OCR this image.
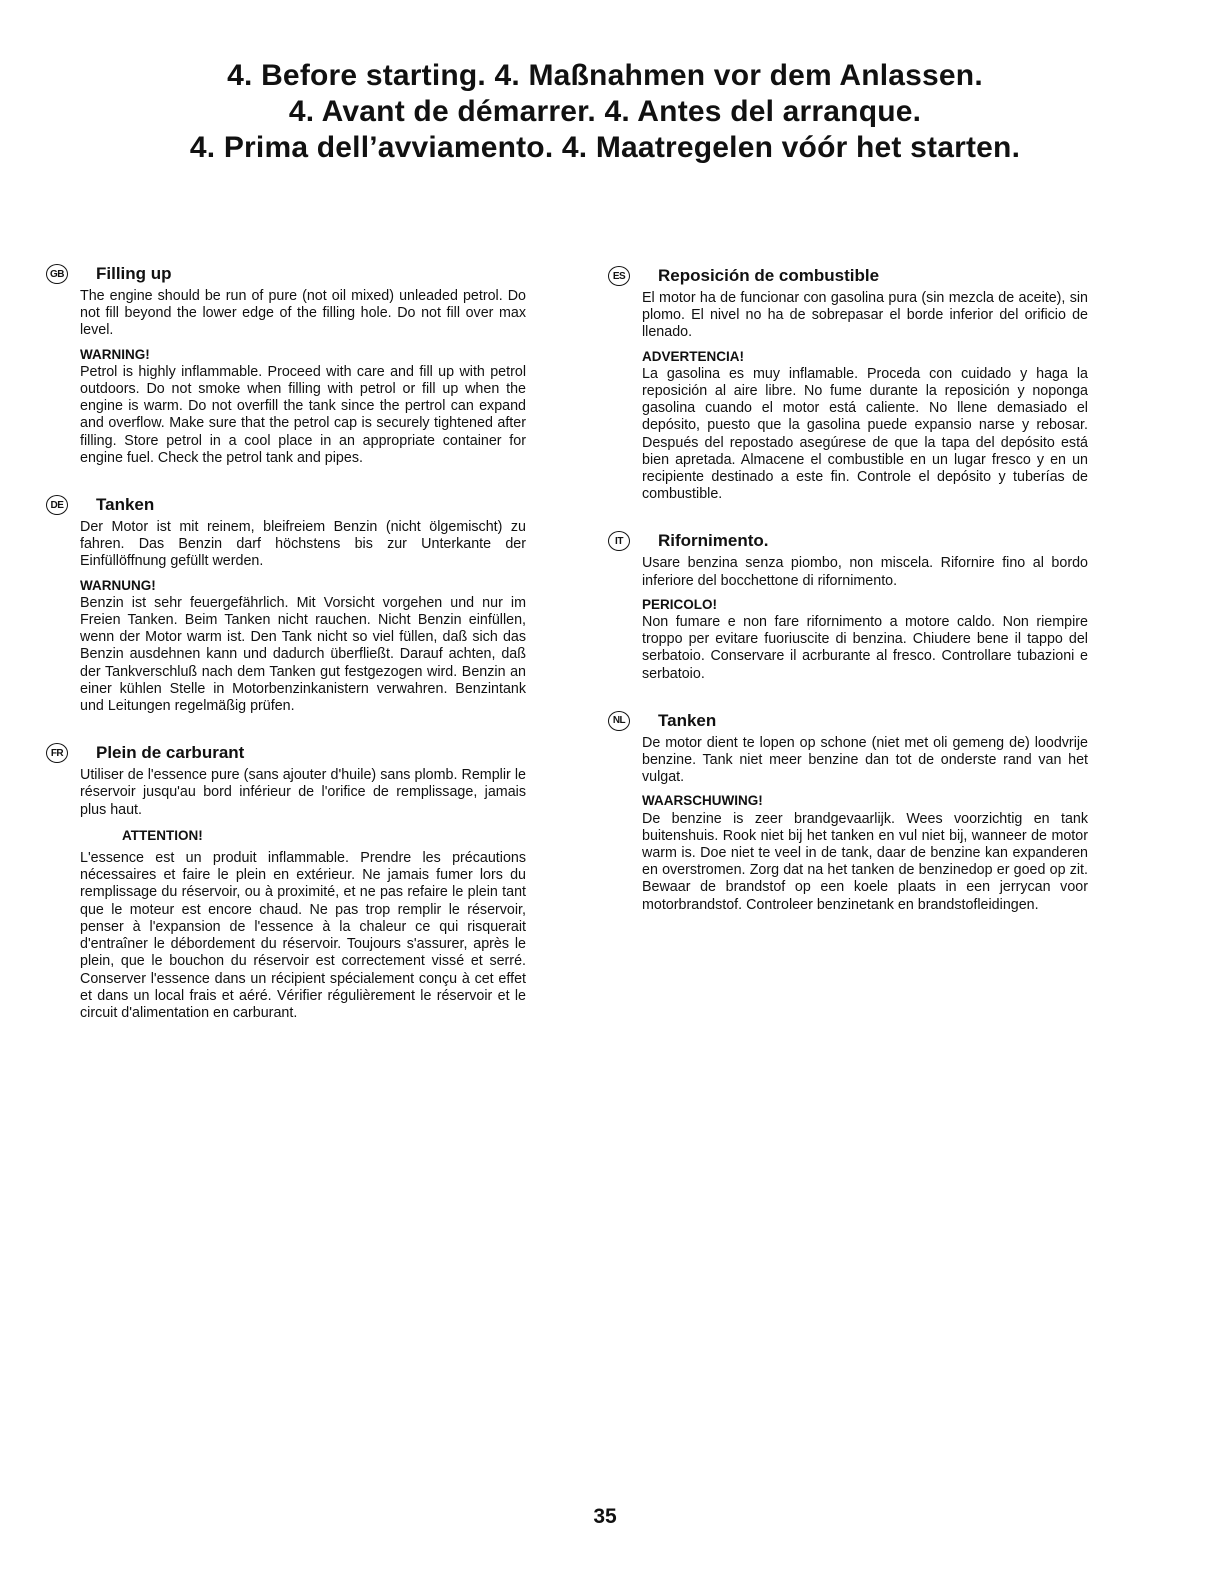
4. Before starting. 4. Maßnahmen vor dem Anlassen.
4. Avant de démarrer. 4. Antes del arranque.
4. Prima dell’avviamento. 4. Maatregelen vóór het starten.
GB Filling up
The engine should be run of pure (not oil mixed) unleaded petrol. Do not fill beyond the lower edge of the filling hole. Do not fill over max level.
WARNING!
Petrol is highly inflammable. Proceed with care and fill up with petrol outdoors. Do not smoke when filling with petrol or fill up when the engine is warm. Do not overfill the tank since the pertrol can expand and overflow. Make sure that the petrol cap is securely tightened after filling. Store petrol in a cool place in an appropriate container for engine fuel. Check the petrol tank and pipes.
DE Tanken
Der Motor ist mit reinem, bleifreiem Benzin (nicht ölgemischt) zu fahren. Das Benzin darf höchstens bis zur Unterkante der Einfüllöffnung gefüllt werden.
WARNUNG!
Benzin ist sehr feuergefährlich. Mit Vorsicht vorgehen und nur im Freien Tanken. Beim Tanken nicht rauchen. Nicht Benzin einfüllen, wenn der Motor warm ist. Den Tank nicht so viel füllen, daß sich das Benzin ausdehnen kann und dadurch überfließt. Darauf achten, daß der Tankverschluß nach dem Tanken gut festgezogen wird. Benzin an einer kühlen Stelle in Motorbenzinkanistern verwahren. Benzintank und Leitungen regelmäßig prüfen.
FR Plein de carburant
Utiliser de l'essence pure (sans ajouter d'huile) sans plomb. Remplir le réservoir jusqu'au bord inférieur de l'orifice de remplissage, jamais plus haut.
ATTENTION!
L'essence est un produit inflammable. Prendre les précautions nécessaires et faire le plein en extérieur. Ne jamais fumer lors du remplissage du réservoir, ou à proximité, et ne pas refaire le plein tant que le moteur est encore chaud. Ne pas trop remplir le réservoir, penser à l'expansion de l'essence à la chaleur ce qui risquerait d'entraîner le débordement du réservoir. Toujours s'assurer, après le plein, que le bouchon du réservoir est correctement vissé et serré. Conserver l'essence dans un récipient spécialement conçu à cet effet et dans un local frais et aéré. Vérifier régulièrement le réservoir et le circuit d'alimentation en carburant.
ES Reposición de combustible
El motor ha de funcionar con gasolina pura (sin mezcla de aceite), sin plomo. El nivel no ha de sobrepasar el borde inferior del orificio de llenado.
ADVERTENCIA!
La gasolina es muy inflamable. Proceda con cuidado y haga la reposición al aire libre. No fume durante la reposición y noponga gasolina cuando el motor está caliente. No llene demasiado el depósito, puesto que la gasolina puede expansio narse y rebosar. Después del repostado asegúrese de que la tapa del depósito está bien apretada. Almacene el combustible en un lugar fresco y en un recipiente destinado a este fin. Controle el depósito y tuberías de combustible.
IT	Rifornimento.
Usare benzina senza piombo, non miscela. Rifornire fino al bordo inferiore del bocchettone di rifornimento.
PERICOLO!
Non fumare e non fare rifornimento a motore caldo. Non riempire troppo per evitare fuoriuscite di benzina. Chiudere bene il tappo del serbatoio. Conservare il acrburante al fresco. Controllare tubazioni e serbatoio.
NL Tanken
De motor dient te lopen op schone (niet met oli gemeng de) loodvrije benzine. Tank niet meer benzine dan tot de onderste rand van het vulgat.
WAARSCHUWING!
De benzine is zeer brandgevaarlijk. Wees voorzichtig en tank buitenshuis. Rook niet bij het tanken en vul niet bij, wanneer de motor warm is. Doe niet te veel in de tank, daar de benzine kan expanderen en overstromen. Zorg dat na het tanken de benzinedop er goed op zit. Bewaar de brandstof op een koele plaats in een jerrycan voor motorbrandstof. Controleer benzinetank en brandstofleidingen.
35
